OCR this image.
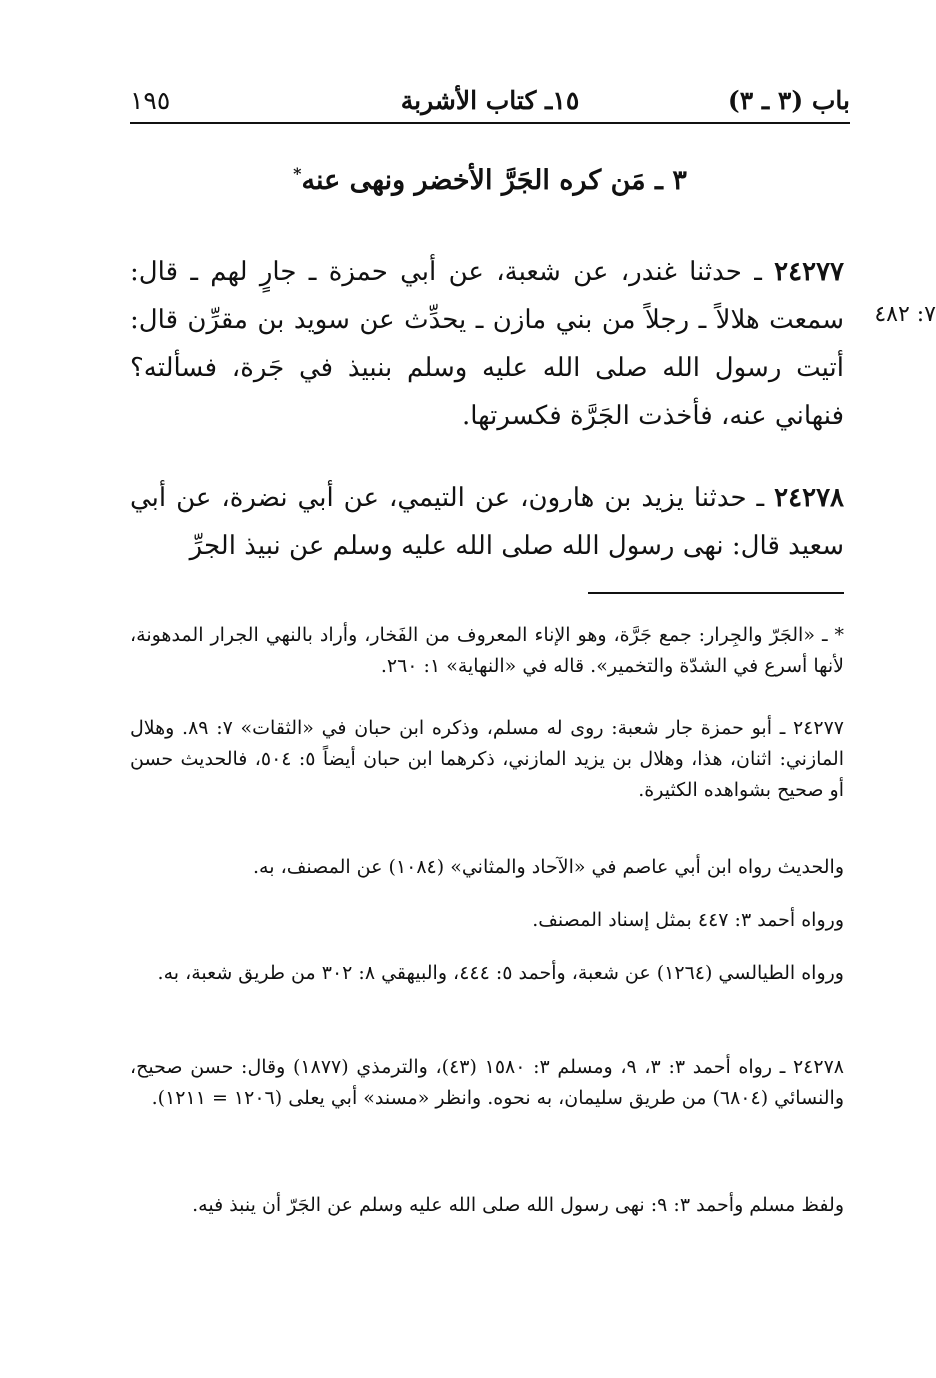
باب (٣ ـ ٣)
١٥ـ كتاب الأشربة
١٩٥
٣ ـ مَن كره الجَرَّ الأخضر ونهى عنه*
٧: ٤٨٢

٢٤٢٧٧ ـ حدثنا غندر، عن شعبة، عن أبي حمزة ـ جارٍ لهم ـ قال: سمعت هلالاً ـ رجلاً من بني مازن ـ يحدِّث عن سويد بن مقرِّن قال: أتيت رسول الله صلى الله عليه وسلم بنبيذ في جَرة، فسألته؟ فنهاني عنه، فأخذت الجَرَّة فكسرتها.

٢٤٢٧٨ ـ حدثنا يزيد بن هارون، عن التيمي، عن أبي نضرة، عن أبي سعيد قال: نهى رسول الله صلى الله عليه وسلم عن نبيذ الجرِّ

* ـ «الجَرّ والجِرار: جمع جَرَّة، وهو الإناء المعروف من الفَخار، وأراد بالنهي الجرار المدهونة، لأنها أسرع في الشدّة والتخمير». قاله في «النهاية» ١: ٢٦٠.

٢٤٢٧٧ ـ أبو حمزة جار شعبة: روى له مسلم، وذكره ابن حبان في «الثقات» ٧: ٨٩. وهلال المازني: اثنان، هذا، وهلال بن يزيد المازني، ذكرهما ابن حبان أيضاً ٥: ٥٠٤، فالحديث حسن أو صحيح بشواهده الكثيرة.

والحديث رواه ابن أبي عاصم في «الآحاد والمثاني» (١٠٨٤) عن المصنف، به.

ورواه أحمد ٣: ٤٤٧ بمثل إسناد المصنف.

ورواه الطيالسي (١٢٦٤) عن شعبة، وأحمد ٥: ٤٤٤، والبيهقي ٨: ٣٠٢ من طريق شعبة، به.

٢٤٢٧٨ ـ رواه أحمد ٣: ٣، ٩، ومسلم ٣: ١٥٨٠ (٤٣)، والترمذي (١٨٧٧) وقال: حسن صحيح، والنسائي (٦٨٠٤) من طريق سليمان، به نحوه. وانظر «مسند» أبي يعلى (١٢٠٦ = ١٢١١).

ولفظ مسلم وأحمد ٣: ٩: نهى رسول الله صلى الله عليه وسلم عن الجَرّ أن ينبذ فيه.
